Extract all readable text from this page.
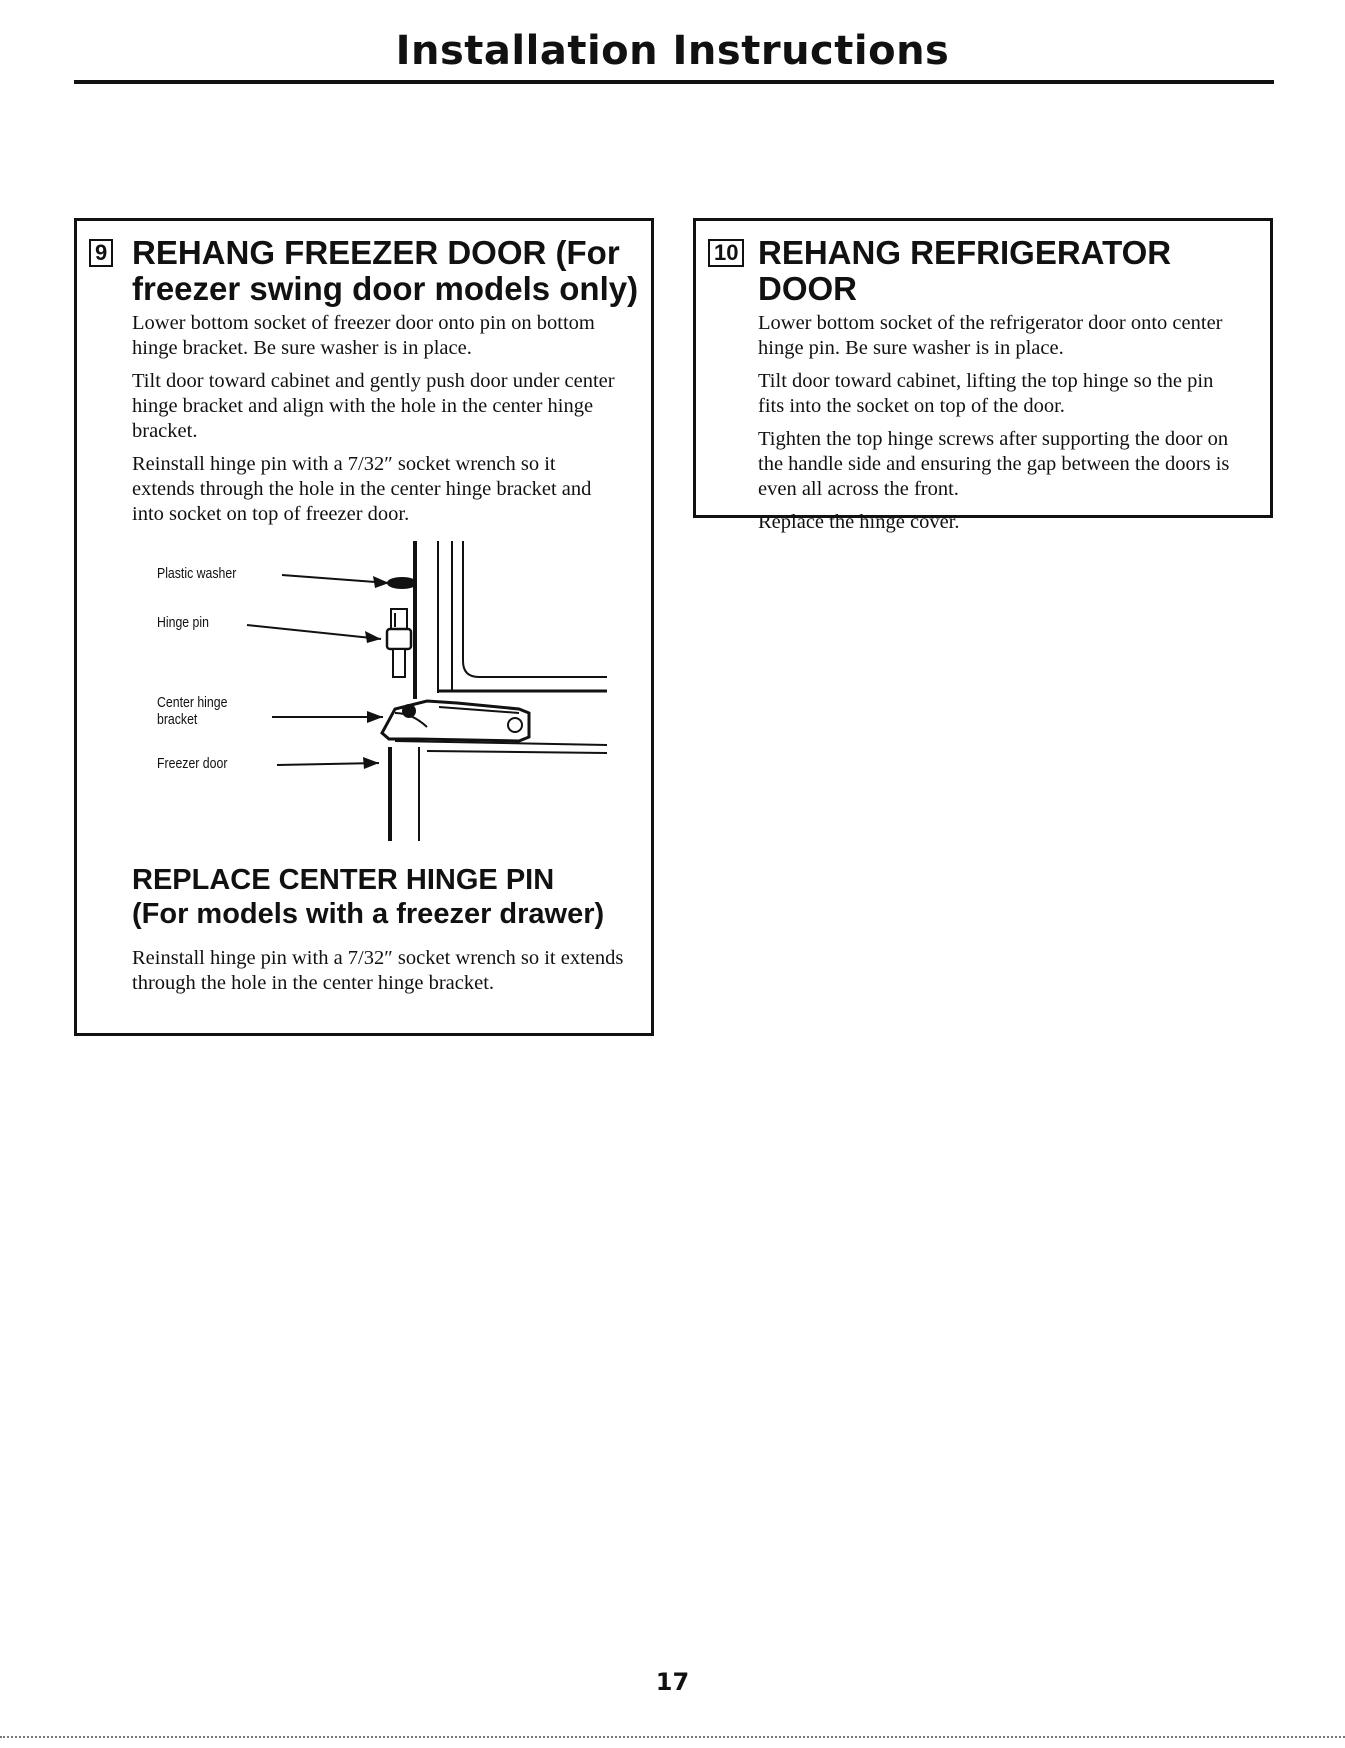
Installation Instructions
9 REHANG FREEZER DOOR (For
freezer swing door models only)

Lower bottom socket of freezer door onto pin on bottom hinge bracket. Be sure washer is in place.

Tilt door toward cabinet and gently push door under center hinge bracket and align with the hole in the center hinge bracket.

Reinstall hinge pin with a 7/32″ socket wrench so it extends through the hole in the center hinge bracket and into socket on top of freezer door.

Plastic washer
Hinge pin
Center hinge
bracket
Freezer door
REPLACE CENTER HINGE PIN
(For models with a freezer drawer)

Reinstall hinge pin with a 7/32″ socket wrench so it extends through the hole in the center hinge bracket.

10 REHANG REFRIGERATOR DOOR

Lower bottom socket of the refrigerator door onto center hinge pin. Be sure washer is in place.

Tilt door toward cabinet, lifting the top hinge so the pin fits into the socket on top of the door.

Tighten the top hinge screws after supporting the door on the handle side and ensuring the gap between the doors is even all across the front.

Replace the hinge cover.

17
